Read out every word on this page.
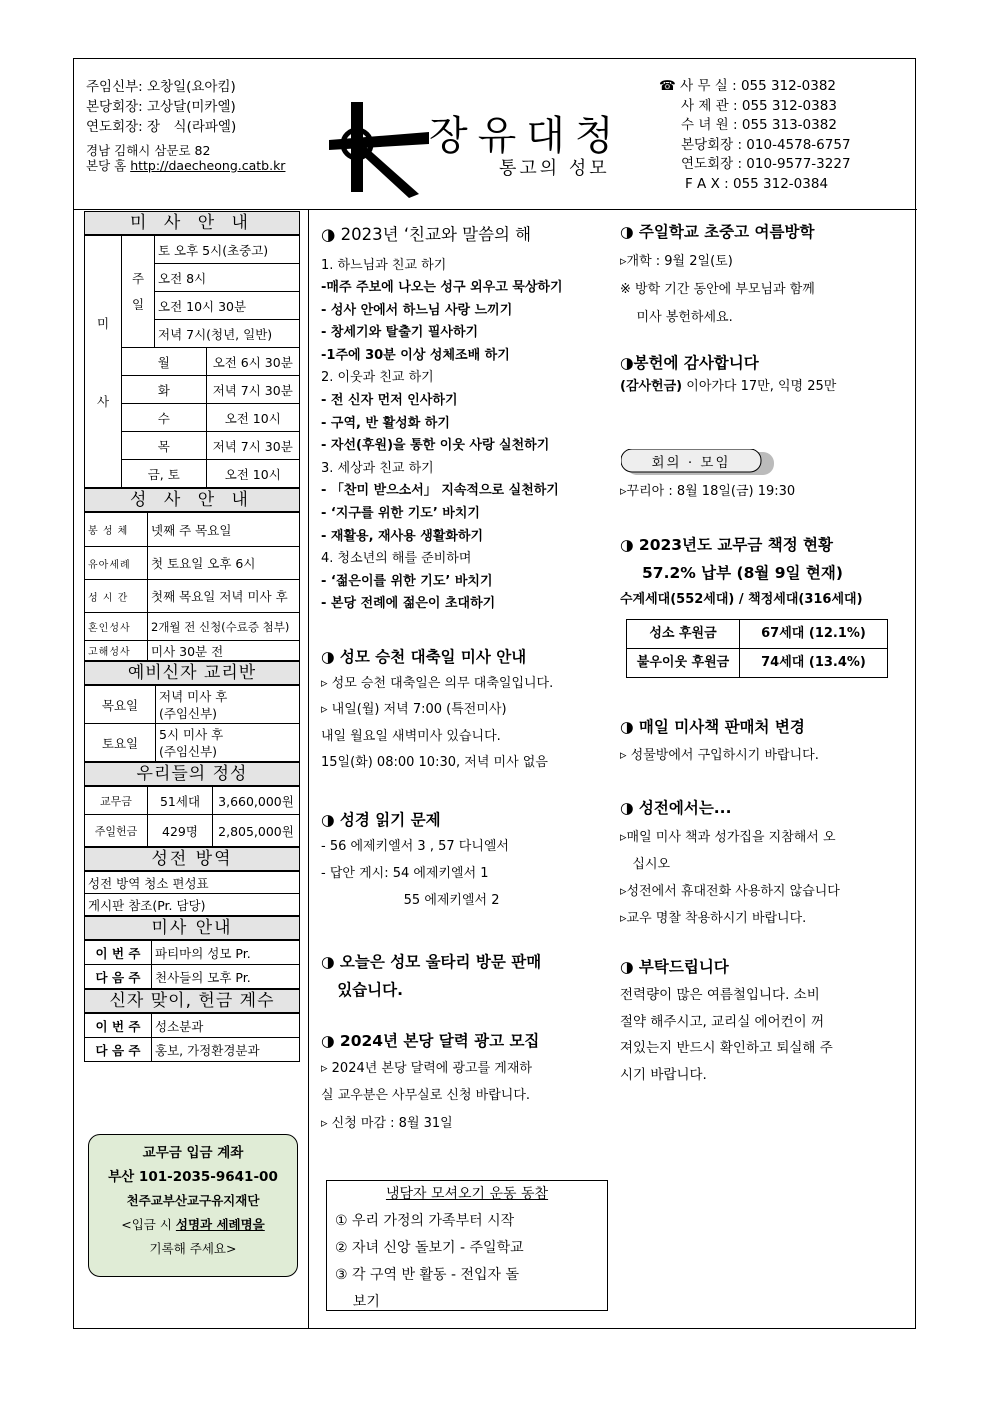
주임신부: 오창일(요아킴)
본당회장: 고상달(미카엘)
연도회장: 장　식(라파엘)
경남 김해시 삼문로 82
본당 홈 http://daecheong.catb.kr
장유대청
통고의 성모
☎ 사 무 실 : 055 312-0382
사 제 관 : 055 312-0383
수 녀 원 : 055 313-0382
본당회장 : 010-4578-6757
연도회장 : 010-9577-3227
F A X : 055 312-0384
미 사 안 내
미

사	주
일	토 오후 5시(초중고)	
		오전 8시	
		오전 10시 30분	
		저녁 7시(청년, 일반)	
	월		오전 6시 30분
	화		저녁 7시 30분
	수		오전 10시
	목		저녁 7시 30분
	금, 토		오전 10시
성 사 안 내
봉 성 체	넷째 주 목요일
유아세례	첫 토요일 오후 6시
성 시 간	첫째 목요일 저녁 미사 후
혼인성사	2개월 전 신청(수료증 첨부)
고해성사	미사 30분 전
예비신자 교리반
목요일	저녁 미사 후
(주임신부)
토요일	5시 미사 후
(주임신부)
우리들의 정성
교무금	51세대	3,660,000원
주일헌금	429명	2,805,000원
성전 방역
성전 방역 청소 편성표
게시판 참조(Pr. 담당)
미사 안내
이 번 주	파티마의 성모 Pr.
다 음 주	천사들의 모후 Pr.
신자 맞이, 헌금 계수
이 번 주	성소분과
다 음 주	홍보, 가정환경분과
교무금 입금 계좌
부산 101-2035-9641-00
천주교부산교구유지재단
<입금 시 성명과 세례명을
기록해 주세요>
◑ 2023년 ‘친교와 말씀의 해
1. 하느님과 친교 하기
-매주 주보에 나오는 성구 외우고 묵상하기
- 성사 안에서 하느님 사랑 느끼기
- 창세기와 탈출기 필사하기
-1주에 30분 이상 성체조배 하기
2. 이웃과 친교 하기
- 전 신자 먼저 인사하기
- 구역, 반 활성화 하기
- 자선(후원)을 통한 이웃 사랑 실천하기
3. 세상과 친교 하기
- 「찬미 받으소서」 지속적으로 실천하기
- ‘지구를 위한 기도’ 바치기
- 재활용, 재사용 생활화하기
4. 청소년의 해를 준비하며
- ‘젊은이를 위한 기도’ 바치기
- 본당 전례에 젊은이 초대하기
◑ 성모 승천 대축일 미사 안내
▹ 성모 승천 대축일은 의무 대축일입니다.
▹ 내일(월) 저녁 7:00 (특전미사)
내일 월요일 새벽미사 있습니다.
15일(화) 08:00 10:30, 저녁 미사 없음
◑ 성경 읽기 문제
- 56 에제키엘서 3 , 57 다니엘서
- 답안 게시: 54 에제키엘서 1
55 에제키엘서 2
◑ 오늘은 성모 울타리 방문 판매
있습니다.
◑ 2024년 본당 달력 광고 모집
▹ 2024년 본당 달력에 광고를 게재하
실 교우분은 사무실로 신청 바랍니다.
▹ 신청 마감 : 8월 31일
냉담자 모셔오기 운동 동참
① 우리 가정의 가족부터 시작
② 자녀 신앙 돌보기 - 주일학교
③ 각 구역 반 활동 - 전입자 돌
보기
◑ 주일학교 초중고 여름방학
▹개학 : 9월 2일(토)
※ 방학 기간 동안에 부모님과 함께
미사 봉헌하세요.
◑봉헌에 감사합니다
(감사헌금) 이아가다 17만, 익명 25만
회의 · 모임
▹꾸리아 : 8월 18일(금) 19:30
◑ 2023년도 교무금 책정 현황
57.2% 납부 (8월 9일 현재)
수계세대(552세대) / 책정세대(316세대)
성소 후원금	67세대 (12.1%)
불우이웃 후원금	74세대 (13.4%)
◑ 매일 미사책 판매처 변경
▹ 성물방에서 구입하시기 바랍니다.
◑ 성전에서는...
▹매일 미사 책과 성가집을 지참해서 오
십시오
▹성전에서 휴대전화 사용하지 않습니다
▹교우 명찰 착용하시기 바랍니다.
◑ 부탁드립니다
전력량이 많은 여름철입니다. 소비
절약 해주시고, 교리실 에어컨이 꺼
져있는지 반드시 확인하고 퇴실해 주
시기 바랍니다.
